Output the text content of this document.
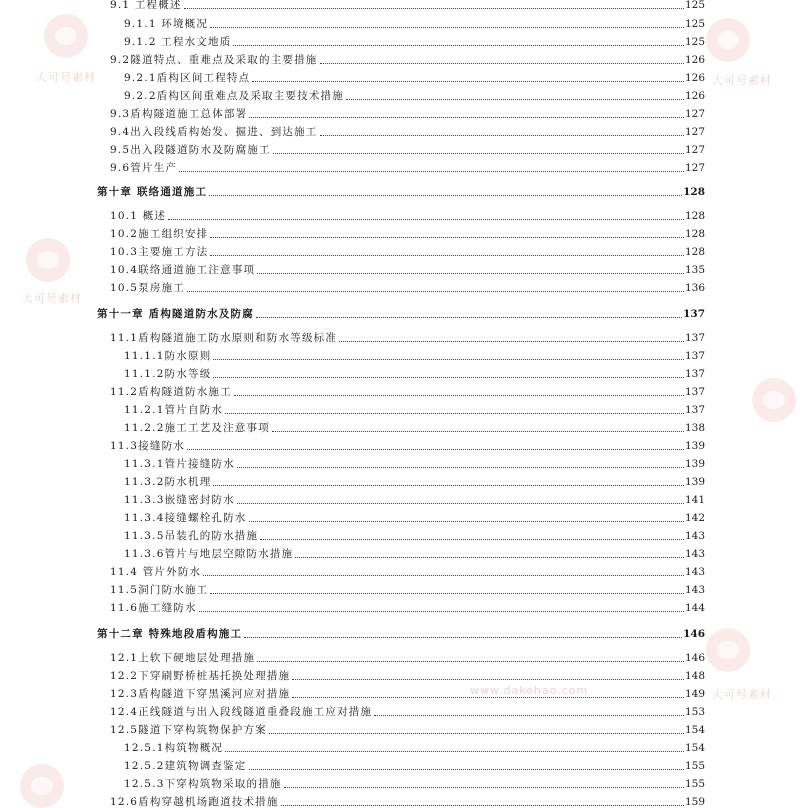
9.1 工程概述	125
9.1.1 环境概况	125
9.1.2 工程水文地质	125
9.2隧道特点、重难点及采取的主要措施	126
9.2.1盾构区间工程特点	126
9.2.2盾构区间重难点及采取主要技术措施	126
9.3盾构隧道施工总体部署	127
9.4出入段线盾构始发、掘进、到达施工	127
9.5出入段隧道防水及防腐施工	127
9.6管片生产	127
第十章 联络通道施工	128
10.1 概述	128
10.2施工组织安排	128
10.3主要施工方法	128
10.4联络通道施工注意事项	135
10.5泵房施工	136
第十一章 盾构隧道防水及防腐	137
11.1盾构隧道施工防水原则和防水等级标准	137
11.1.1防水原则	137
11.1.2防水等级	137
11.2盾构隧道防水施工	137
11.2.1管片自防水	137
11.2.2施工工艺及注意事项	138
11.3接缝防水	139
11.3.1管片接缝防水	139
11.3.2防水机理	139
11.3.3嵌缝密封防水	141
11.3.4接缝螺栓孔防水	142
11.3.5吊装孔的防水措施	143
11.3.6管片与地层空隙防水措施	143
11.4 管片外防水	143
11.5洞门防水施工	143
11.6施工缝防水	144
第十二章 特殊地段盾构施工	146
12.1上软下硬地层处理措施	146
12.2下穿刷野桥桩基托换处理措施	148
12.3盾构隧道下穿黑溪河应对措施	149
12.4正线隧道与出入段线隧道重叠段施工应对措施	153
12.5隧道下穿构筑物保护方案	154
12.5.1构筑物概况	154
12.5.2建筑物调查鉴定	155
12.5.3下穿构筑物采取的措施	155
12.6盾构穿越机场跑道技术措施	159
大可号素材	大可号素材
大可号素材
大可号素材
www.dakehao.com
